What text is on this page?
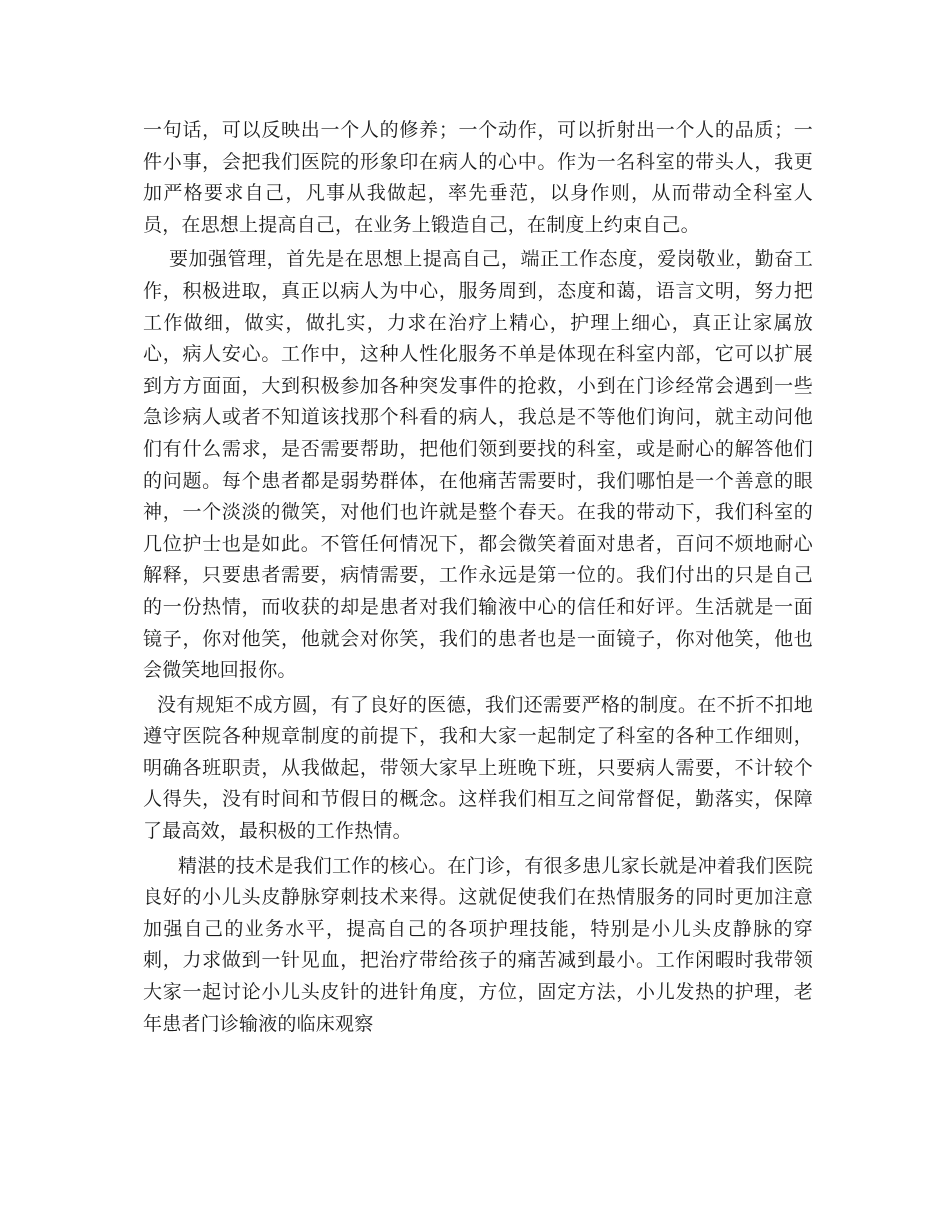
一句话，可以反映出一个人的修养；一个动作，可以折射出一个人的品质；一件小事，会把我们医院的形象印在病人的心中。作为一名科室的带头人，我更加严格要求自己，凡事从我做起，率先垂范，以身作则，从而带动全科室人员，在思想上提高自己，在业务上锻造自己，在制度上约束自己。

要加强管理，首先是在思想上提高自己，端正工作态度，爱岗敬业，勤奋工作，积极进取，真正以病人为中心，服务周到，态度和蔼，语言文明，努力把工作做细，做实，做扎实，力求在治疗上精心，护理上细心，真正让家属放心，病人安心。工作中，这种人性化服务不单是体现在科室内部，它可以扩展到方方面面，大到积极参加各种突发事件的抢救，小到在门诊经常会遇到一些急诊病人或者不知道该找那个科看的病人，我总是不等他们询问，就主动问他们有什么需求，是否需要帮助，把他们领到要找的科室，或是耐心的解答他们的问题。每个患者都是弱势群体，在他痛苦需要时，我们哪怕是一个善意的眼神，一个淡淡的微笑，对他们也许就是整个春天。在我的带动下，我们科室的几位护士也是如此。不管任何情况下，都会微笑着面对患者，百问不烦地耐心解释，只要患者需要，病情需要，工作永远是第一位的。我们付出的只是自己的一份热情，而收获的却是患者对我们输液中心的信任和好评。生活就是一面镜子，你对他笑，他就会对你笑，我们的患者也是一面镜子，你对他笑，他也会微笑地回报你。

没有规矩不成方圆，有了良好的医德，我们还需要严格的制度。在不折不扣地遵守医院各种规章制度的前提下，我和大家一起制定了科室的各种工作细则，明确各班职责，从我做起，带领大家早上班晚下班，只要病人需要，不计较个人得失，没有时间和节假日的概念。这样我们相互之间常督促，勤落实，保障了最高效，最积极的工作热情。

精湛的技术是我们工作的核心。在门诊，有很多患儿家长就是冲着我们医院良好的小儿头皮静脉穿刺技术来得。这就促使我们在热情服务的同时更加注意加强自己的业务水平，提高自己的各项护理技能，特别是小儿头皮静脉的穿刺，力求做到一针见血，把治疗带给孩子的痛苦减到最小。工作闲暇时我带领大家一起讨论小儿头皮针的进针角度，方位，固定方法，小儿发热的护理，老年患者门诊输液的临床观察
